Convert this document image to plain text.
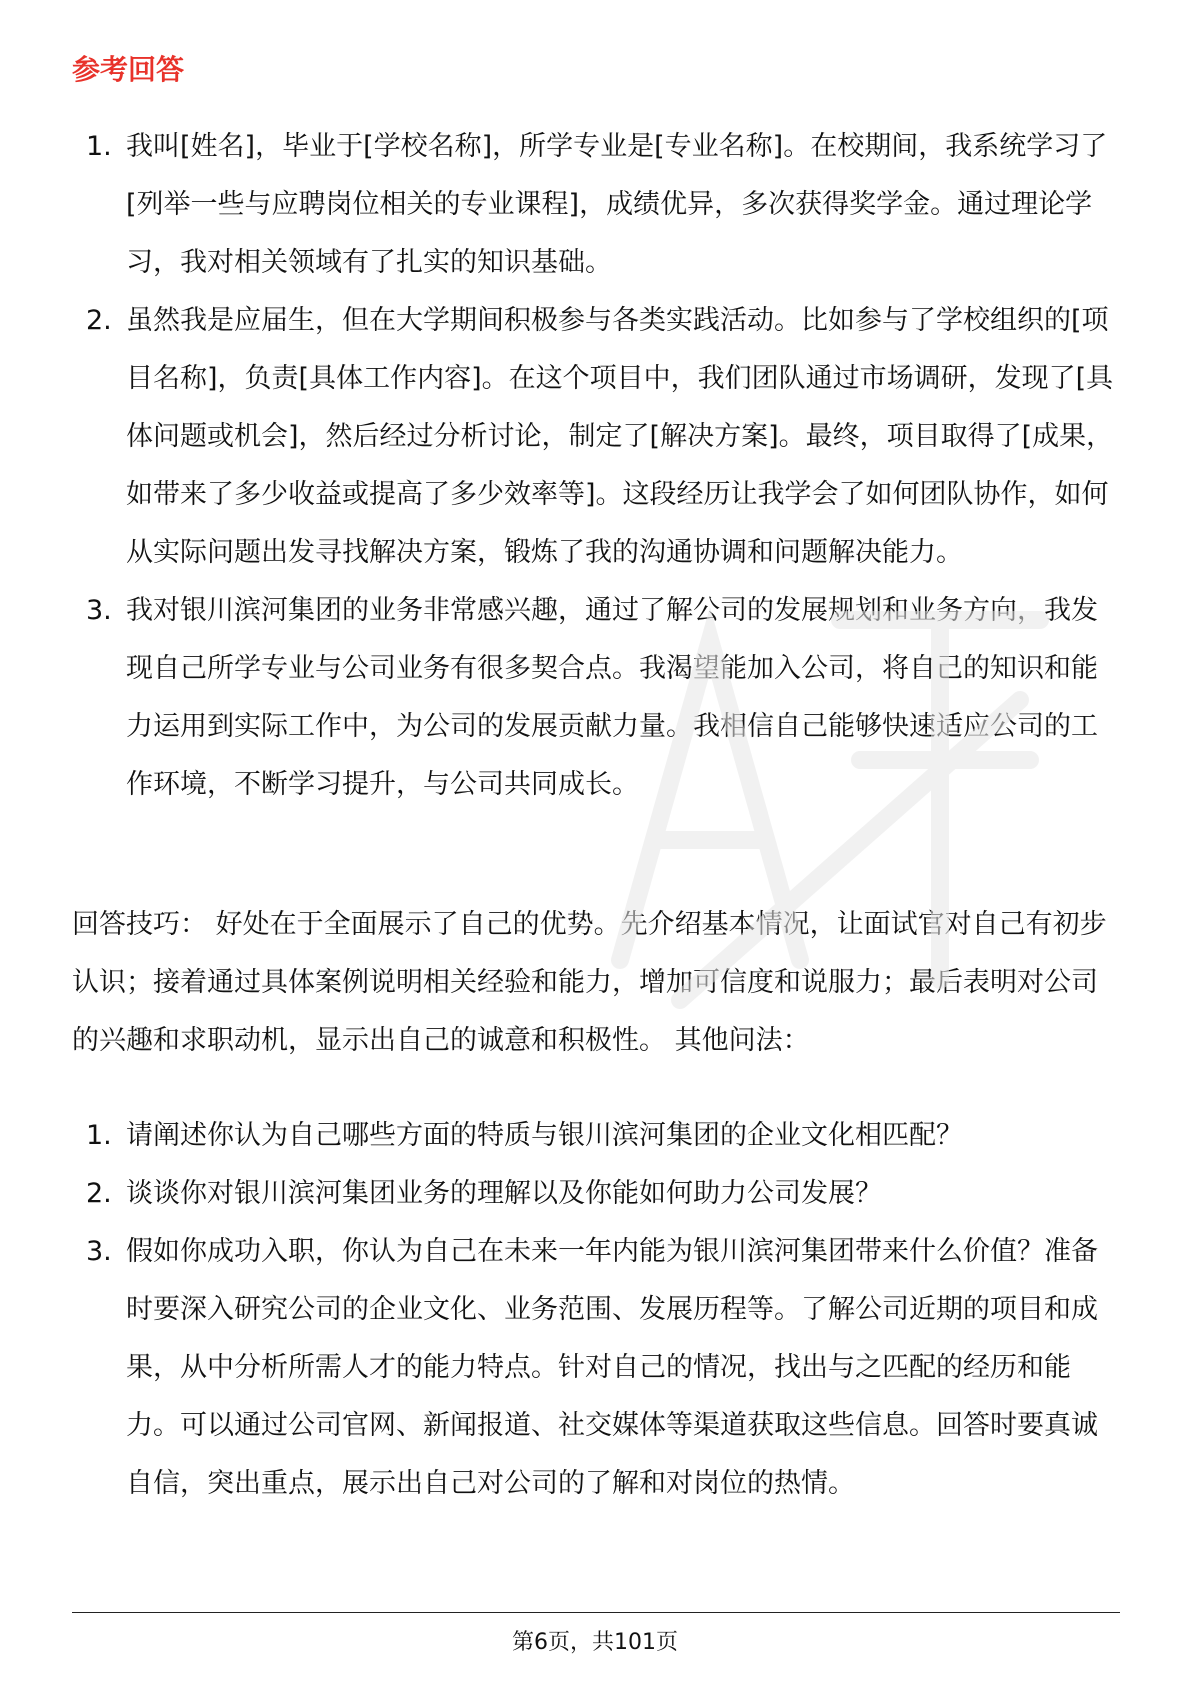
参考回答
1. 我叫[姓名]，毕业于[学校名称]，所学专业是[专业名称]。在校期间，我系统学习了[列举一些与应聘岗位相关的专业课程]，成绩优异，多次获得奖学金。通过理论学习，我对相关领域有了扎实的知识基础。
2. 虽然我是应届生，但在大学期间积极参与各类实践活动。比如参与了学校组织的[项目名称]，负责[具体工作内容]。在这个项目中，我们团队通过市场调研，发现了[具体问题或机会]，然后经过分析讨论，制定了[解决方案]。最终，项目取得了[成果，如带来了多少收益或提高了多少效率等]。这段经历让我学会了如何团队协作，如何从实际问题出发寻找解决方案，锻炼了我的沟通协调和问题解决能力。
3. 我对银川滨河集团的业务非常感兴趣，通过了解公司的发展规划和业务方向，我发现自己所学专业与公司业务有很多契合点。我渴望能加入公司，将自己的知识和能力运用到实际工作中，为公司的发展贡献力量。我相信自己能够快速适应公司的工作环境，不断学习提升，与公司共同成长。

回答技巧： 好处在于全面展示了自己的优势。先介绍基本情况，让面试官对自己有初步认识；接着通过具体案例说明相关经验和能力，增加可信度和说服力；最后表明对公司的兴趣和求职动机，显示出自己的诚意和积极性。 其他问法：

1. 请阐述你认为自己哪些方面的特质与银川滨河集团的企业文化相匹配？
2. 谈谈你对银川滨河集团业务的理解以及你能如何助力公司发展？
3. 假如你成功入职，你认为自己在未来一年内能为银川滨河集团带来什么价值？准备时要深入研究公司的企业文化、业务范围、发展历程等。了解公司近期的项目和成果，从中分析所需人才的能力特点。针对自己的情况，找出与之匹配的经历和能力。可以通过公司官网、新闻报道、社交媒体等渠道获取这些信息。回答时要真诚自信，突出重点，展示出自己对公司的了解和对岗位的热情。
第6页，共101页
